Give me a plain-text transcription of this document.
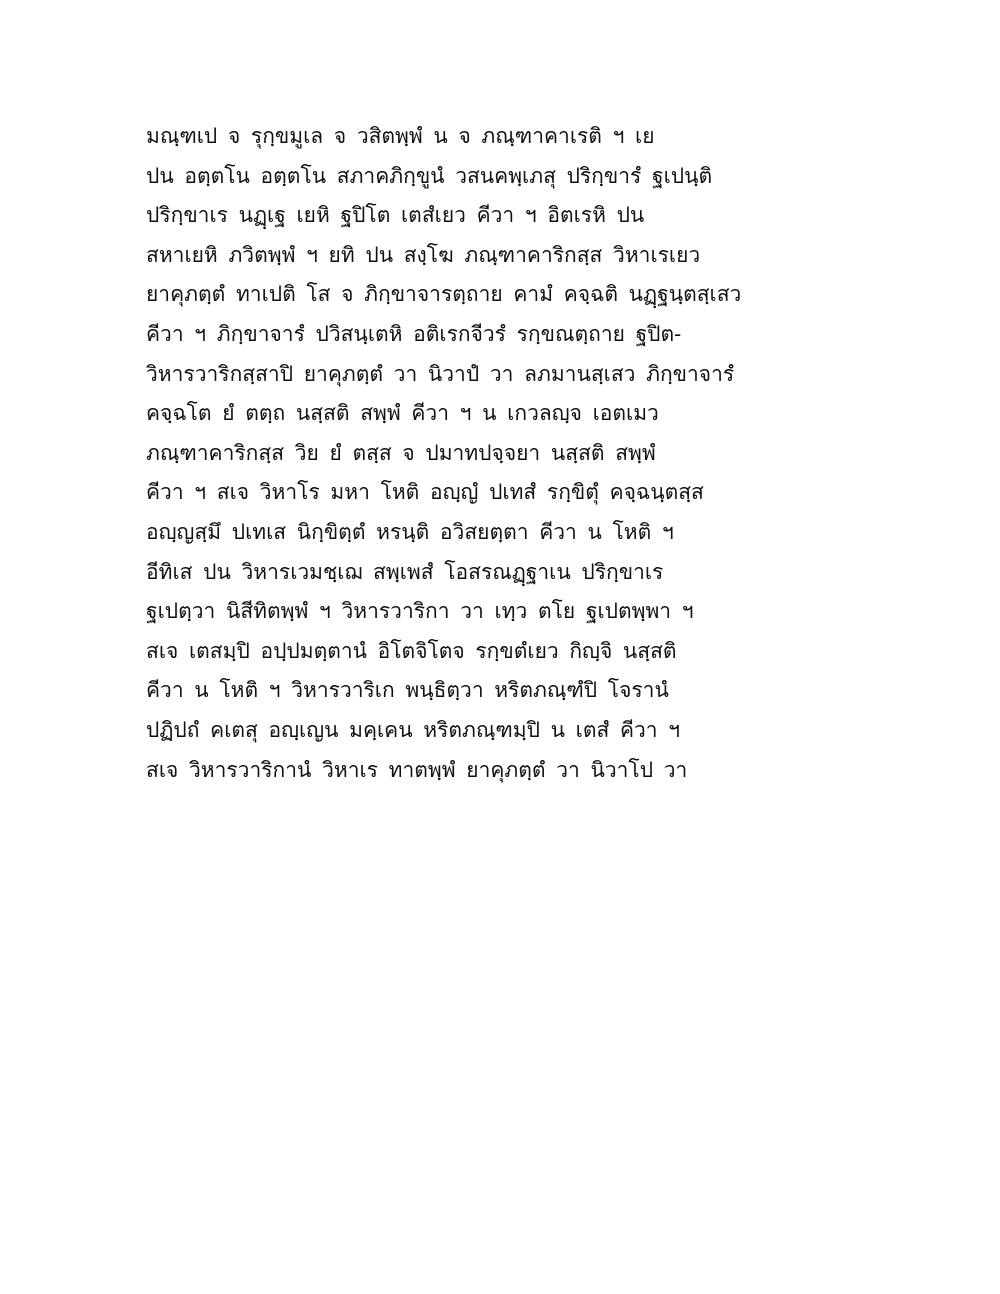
มณฺฑเป จ รุกฺขมูเล จ วสิตพฺพํ น จ ภณฺฑาคาเรติ ฯ เย
ปน อตฺตโน อตฺตโน สภาคภิกฺขูนํ วสนคพฺเภสุ ปริกฺขารํ ฐเปนฺติ
ปริกฺขาเร นฏฺเฐ เยหิ ฐปิโต เตสํเยว คีวา ฯ อิตเรหิ ปน
สหาเยหิ ภวิตพฺพํ ฯ ยทิ ปน สงฺโฆ ภณฺฑาคาริกสฺส วิหาเรเยว
ยาคุภตฺตํ ทาเปติ โส จ ภิกฺขาจารตฺถาย คามํ คจฺฉติ นฏฺฐนฺตสฺเสว
คีวา ฯ ภิกฺขาจารํ ปวิสนฺเตหิ อติเรกจีวรํ รกฺขณตฺถาย ฐปิต-
วิหารวาริกสฺสาปิ ยาคุภตฺตํ วา นิวาปํ วา ลภมานสฺเสว ภิกฺขาจารํ
คจฺฉโต ยํ ตตฺถ นสฺสติ สพฺพํ คีวา ฯ น เกวลญฺจ เอตเมว
ภณฺฑาคาริกสฺส วิย ยํ ตสฺส จ ปมาทปจฺจยา นสฺสติ สพฺพํ
คีวา ฯ สเจ วิหาโร มหา โหติ อญฺญํ ปเทสํ รกฺขิตุํ คจฺฉนฺตสฺส
อญฺญสฺมึ ปเทเส นิกฺขิตฺตํ หรนฺติ อวิสยตฺตา คีวา น โหติ ฯ
อีทิเส ปน วิหารเวมชฺเฌ สพฺเพสํ โอสรณฏฺฐาเน ปริกฺขาเร
ฐเปตฺวา นิสีทิตพฺพํ ฯ วิหารวาริกา วา เทฺว ตโย ฐเปตพฺพา ฯ
สเจ เตสมฺปิ อปฺปมตฺตานํ อิโตจิโตจ รกฺขตํเยว กิญฺจิ นสฺสติ
คีวา น โหติ ฯ วิหารวาริเก พนฺธิตฺวา หริตภณฺฑํปิ โจรานํ
ปฏิปถํ คเตสุ อญฺเญน มคฺเคน หริตภณฺฑมฺปิ น เตสํ คีวา ฯ
สเจ วิหารวาริกานํ วิหาเร ทาตพฺพํ ยาคุภตฺตํ วา นิวาโป วา
